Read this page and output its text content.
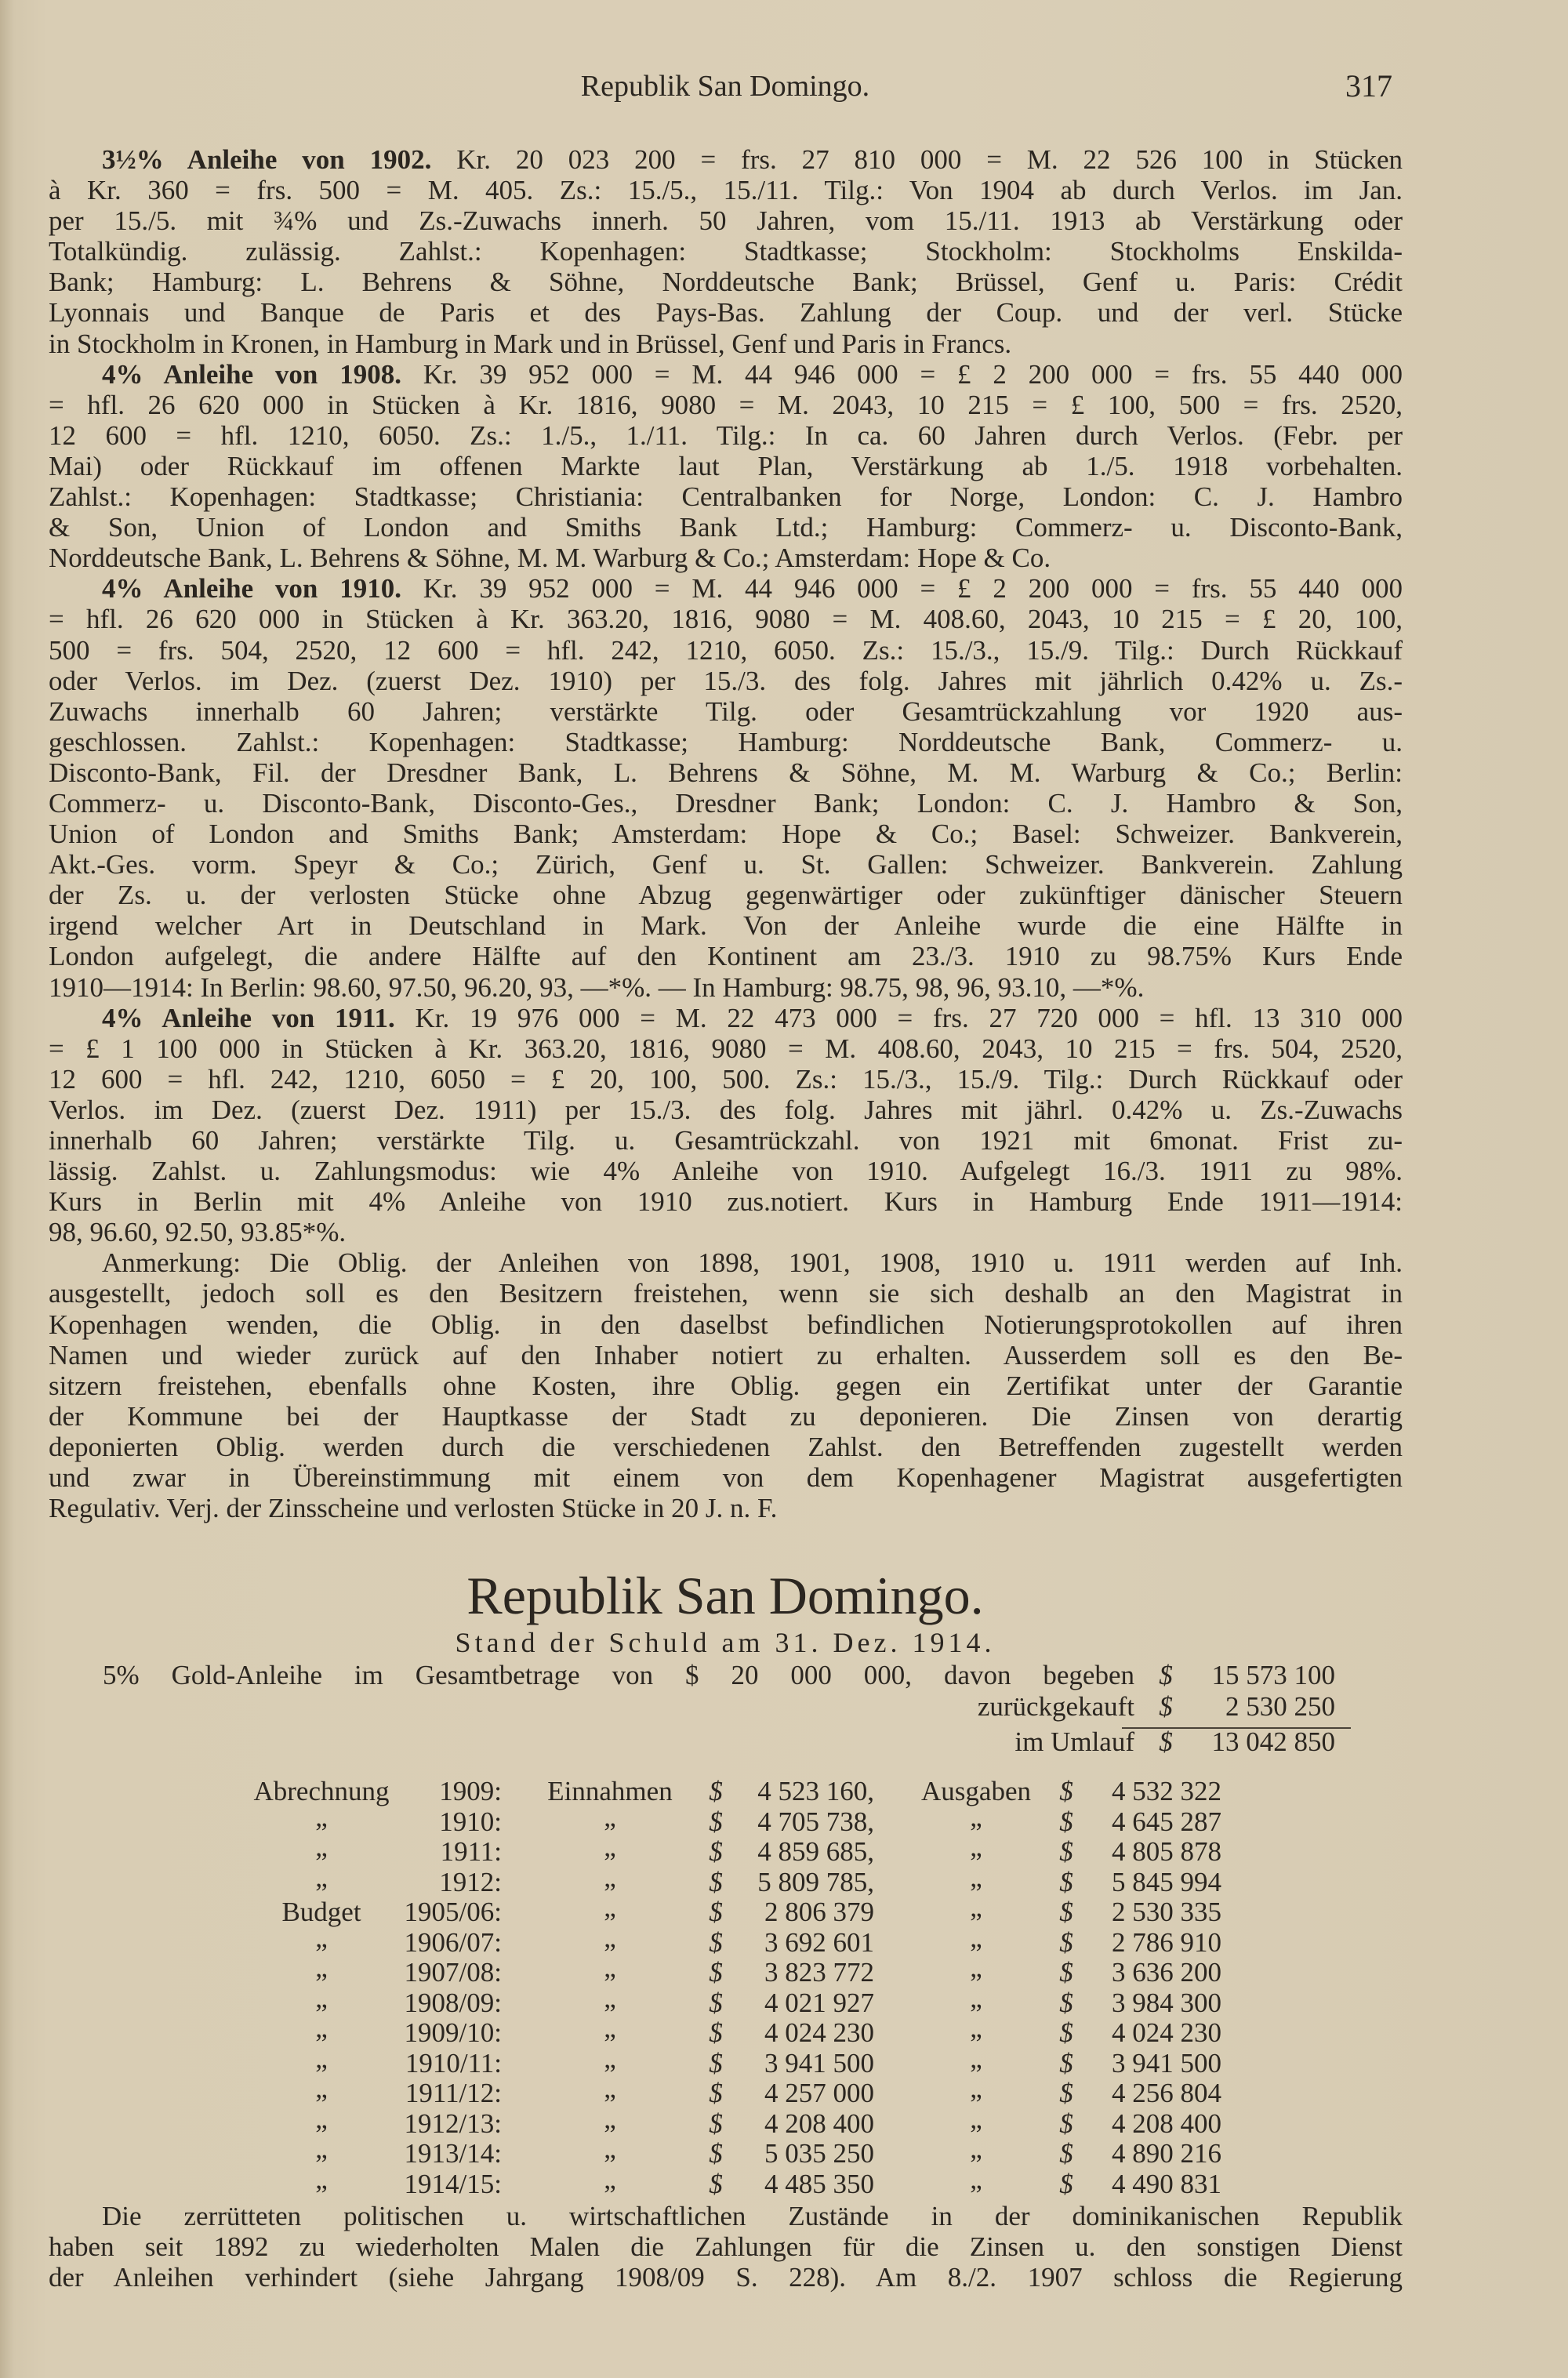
Republik San Domingo.	317
3½% Anleihe von 1902. Kr. 20 023 200 = frs. 27 810 000 = M. 22 526 100 in Stücken
à Kr. 360 = frs. 500 = M. 405. Zs.: 15./5., 15./11. Tilg.: Von 1904 ab durch Verlos. im Jan.
per 15./5. mit ¾% und Zs.-Zuwachs innerh. 50 Jahren, vom 15./11. 1913 ab Verstärkung oder
Totalkündig. zulässig. Zahlst.: Kopenhagen: Stadtkasse; Stockholm: Stockholms Enskilda-
Bank; Hamburg: L. Behrens & Söhne, Norddeutsche Bank; Brüssel, Genf u. Paris: Crédit
Lyonnais und Banque de Paris et des Pays-Bas. Zahlung der Coup. und der verl. Stücke
in Stockholm in Kronen, in Hamburg in Mark und in Brüssel, Genf und Paris in Francs.
4% Anleihe von 1908. Kr. 39 952 000 = M. 44 946 000 = £ 2 200 000 = frs. 55 440 000
= hfl. 26 620 000 in Stücken à Kr. 1816, 9080 = M. 2043, 10 215 = £ 100, 500 = frs. 2520,
12 600 = hfl. 1210, 6050. Zs.: 1./5., 1./11. Tilg.: In ca. 60 Jahren durch Verlos. (Febr. per
Mai) oder Rückkauf im offenen Markte laut Plan, Verstärkung ab 1./5. 1918 vorbehalten.
Zahlst.: Kopenhagen: Stadtkasse; Christiania: Centralbanken for Norge, London: C. J. Hambro
& Son, Union of London and Smiths Bank Ltd.; Hamburg: Commerz- u. Disconto-Bank,
Norddeutsche Bank, L. Behrens & Söhne, M. M. Warburg & Co.; Amsterdam: Hope & Co.
4% Anleihe von 1910. Kr. 39 952 000 = M. 44 946 000 = £ 2 200 000 = frs. 55 440 000
= hfl. 26 620 000 in Stücken à Kr. 363.20, 1816, 9080 = M. 408.60, 2043, 10 215 = £ 20, 100,
500 = frs. 504, 2520, 12 600 = hfl. 242, 1210, 6050. Zs.: 15./3., 15./9. Tilg.: Durch Rückkauf
oder Verlos. im Dez. (zuerst Dez. 1910) per 15./3. des folg. Jahres mit jährlich 0.42% u. Zs.-
Zuwachs innerhalb 60 Jahren; verstärkte Tilg. oder Gesamtrückzahlung vor 1920 aus-
geschlossen. Zahlst.: Kopenhagen: Stadtkasse; Hamburg: Norddeutsche Bank, Commerz- u.
Disconto-Bank, Fil. der Dresdner Bank, L. Behrens & Söhne, M. M. Warburg & Co.; Berlin:
Commerz- u. Disconto-Bank, Disconto-Ges., Dresdner Bank; London: C. J. Hambro & Son,
Union of London and Smiths Bank; Amsterdam: Hope & Co.; Basel: Schweizer. Bankverein,
Akt.-Ges. vorm. Speyr & Co.; Zürich, Genf u. St. Gallen: Schweizer. Bankverein. Zahlung
der Zs. u. der verlosten Stücke ohne Abzug gegenwärtiger oder zukünftiger dänischer Steuern
irgend welcher Art in Deutschland in Mark. Von der Anleihe wurde die eine Hälfte in
London aufgelegt, die andere Hälfte auf den Kontinent am 23./3. 1910 zu 98.75% Kurs Ende
1910—1914: In Berlin: 98.60, 97.50, 96.20, 93, —*%. — In Hamburg: 98.75, 98, 96, 93.10, —*%.
4% Anleihe von 1911. Kr. 19 976 000 = M. 22 473 000 = frs. 27 720 000 = hfl. 13 310 000
= £ 1 100 000 in Stücken à Kr. 363.20, 1816, 9080 = M. 408.60, 2043, 10 215 = frs. 504, 2520,
12 600 = hfl. 242, 1210, 6050 = £ 20, 100, 500. Zs.: 15./3., 15./9. Tilg.: Durch Rückkauf oder
Verlos. im Dez. (zuerst Dez. 1911) per 15./3. des folg. Jahres mit jährl. 0.42% u. Zs.-Zuwachs
innerhalb 60 Jahren; verstärkte Tilg. u. Gesamtrückzahl. von 1921 mit 6monat. Frist zu-
lässig. Zahlst. u. Zahlungsmodus: wie 4% Anleihe von 1910. Aufgelegt 16./3. 1911 zu 98%.
Kurs in Berlin mit 4% Anleihe von 1910 zus.notiert. Kurs in Hamburg Ende 1911—1914:
98, 96.60, 92.50, 93.85*%.
Anmerkung: Die Oblig. der Anleihen von 1898, 1901, 1908, 1910 u. 1911 werden auf Inh.
ausgestellt, jedoch soll es den Besitzern freistehen, wenn sie sich deshalb an den Magistrat in
Kopenhagen wenden, die Oblig. in den daselbst befindlichen Notierungsprotokollen auf ihren
Namen und wieder zurück auf den Inhaber notiert zu erhalten. Ausserdem soll es den Be-
sitzern freistehen, ebenfalls ohne Kosten, ihre Oblig. gegen ein Zertifikat unter der Garantie
der Kommune bei der Hauptkasse der Stadt zu deponieren. Die Zinsen von derartig
deponierten Oblig. werden durch die verschiedenen Zahlst. den Betreffenden zugestellt werden
und zwar in Übereinstimmung mit einem von dem Kopenhagener Magistrat ausgefertigten
Regulativ. Verj. der Zinsscheine und verlosten Stücke in 20 J. n. F.
Republik San Domingo.
Stand der Schuld am 31. Dez. 1914.
5% Gold-Anleihe im Gesamtbetrage von $ 20 000 000, davon begeben $	15 573 100
zurückgekauft $	2 530 250
im Umlauf $	13 042 850
Abrechnung	1909:	Einnahmen	$	4 523 160,	Ausgaben	$	4 532 322
„	1910:	„	$	4 705 738,	„	$	4 645 287
„	1911:	„	$	4 859 685,	„	$	4 805 878
„	1912:	„	$	5 809 785,	„	$	5 845 994
Budget	1905/06:	„	$	2 806 379	„	$	2 530 335
„	1906/07:	„	$	3 692 601	„	$	2 786 910
„	1907/08:	„	$	3 823 772	„	$	3 636 200
„	1908/09:	„	$	4 021 927	„	$	3 984 300
„	1909/10:	„	$	4 024 230	„	$	4 024 230
„	1910/11:	„	$	3 941 500	„	$	3 941 500
„	1911/12:	„	$	4 257 000	„	$	4 256 804
„	1912/13:	„	$	4 208 400	„	$	4 208 400
„	1913/14:	„	$	5 035 250	„	$	4 890 216
„	1914/15:	„	$	4 485 350	„	$	4 490 831
Die zerrütteten politischen u. wirtschaftlichen Zustände in der dominikanischen Republik
haben seit 1892 zu wiederholten Malen die Zahlungen für die Zinsen u. den sonstigen Dienst
der Anleihen verhindert (siehe Jahrgang 1908/09 S. 228). Am 8./2. 1907 schloss die Regierung
